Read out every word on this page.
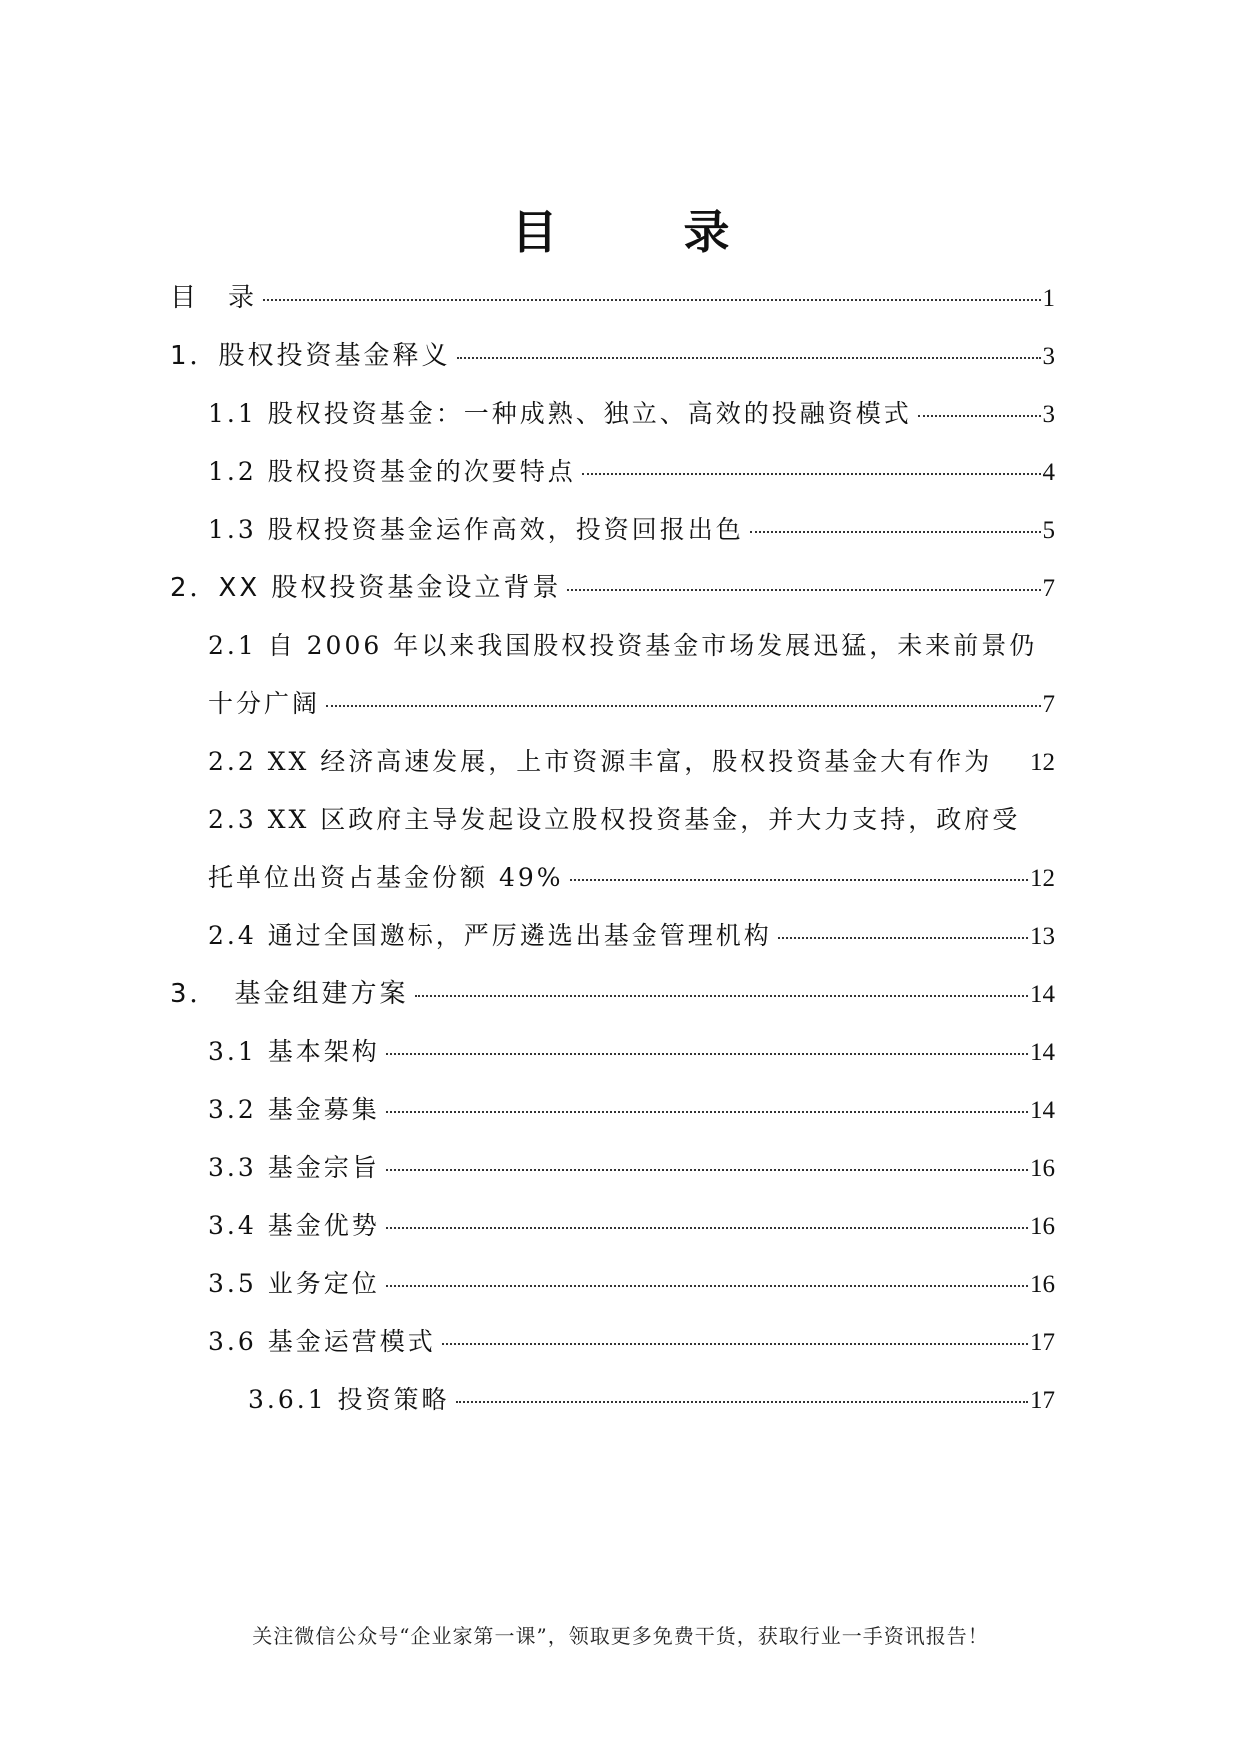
目　录
目　录	1
1．股权投资基金释义	3
1.1 股权投资基金：一种成熟、独立、高效的投融资模式	3
1.2 股权投资基金的次要特点	4
1.3 股权投资基金运作高效，投资回报出色	5
2．XX 股权投资基金设立背景	7
2.1 自 2006 年以来我国股权投资基金市场发展迅猛，未来前景仍
十分广阔	7
2.2 XX 经济高速发展，上市资源丰富，股权投资基金大有作为 12
2.3 XX 区政府主导发起设立股权投资基金，并大力支持，政府受
托单位出资占基金份额 49%	12
2.4 通过全国邀标，严厉遴选出基金管理机构	13
3．　基金组建方案	14
3.1 基本架构	14
3.2 基金募集	14
3.3 基金宗旨	16
3.4 基金优势	16
3.5 业务定位	16
3.6 基金运营模式	17
3.6.1 投资策略	17
关注微信公众号“企业家第一课”，领取更多免费干货，获取行业一手资讯报告！
